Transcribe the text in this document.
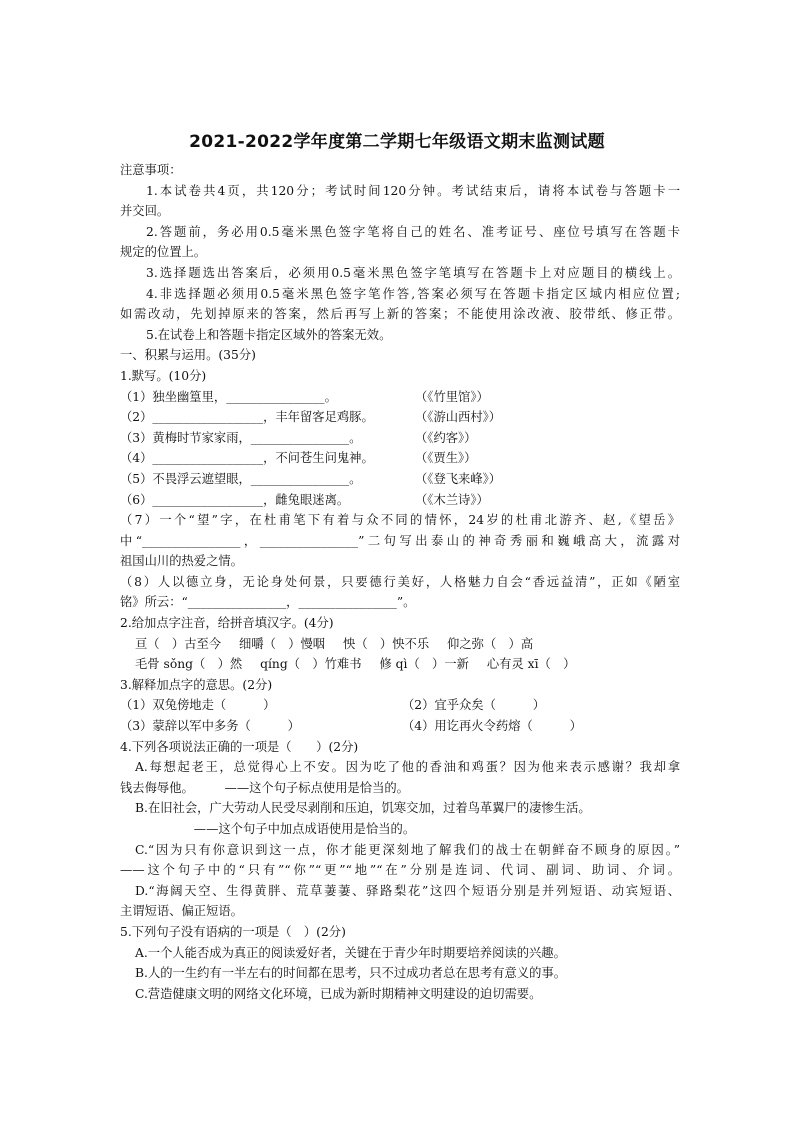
2021-2022学年度第二学期七年级语文期末监测试题
注意事项：
1.本试卷共4页，共120分；考试时间120分钟。考试结束后，请将本试卷与答题卡一
并交回。
2.答题前，务必用0.5毫米黑色签字笔将自己的姓名、准考证号、座位号填写在答题卡
规定的位置上。
3.选择题选出答案后，必须用0.5毫米黑色签字笔填写在答题卡上对应题目的横线上。
4.非选择题必须用0.5毫米黑色签字笔作答,答案必须写在答题卡指定区域内相应位置;
如需改动，先划掉原来的答案，然后再写上新的答案；不能使用涂改液、胶带纸、修正带。
5.在试卷上和答题卡指定区域外的答案无效。
一、积累与运用。(35分)
1.默写。(10分)
（1）独坐幽篁里，________________。	（《竹里馆》）
（2）__________________，丰年留客足鸡豚。	（《游山西村》）
（3）黄梅时节家家雨，________________。	（《约客》）
（4）__________________，不问苍生问鬼神。	（《贾生》）
（5）不畏浮云遮望眼，________________。	（《登飞来峰》）
（6）__________________，雌兔眼迷离。	（《木兰诗》）
（7）一个“望”字，在杜甫笔下有着与众不同的情怀，24岁的杜甫北游齐、赵,《望岳》
中“________________，________________”二句写出泰山的神奇秀丽和巍峨高大，流露对
祖国山川的热爱之情。
（8）人以德立身，无论身处何景，只要德行美好，人格魅力自会“香远益清”，正如《陋室
铭》所云：“________________，________________”。
2.给加点字注音，给拼音填汉字。(4分)
亘（　）古至今 细嚼（　）慢咽 怏（　）怏不乐 仰之弥（　）高
毛骨 sǒng（　）然 qíng（　）竹难书 修 qì（　）一新 心有灵 xī（　）
3.解释加点字的意思。(2分)
（1）双兔傍地走（　　　）	（2）宜乎众矣（　　　）
（3）蒙辞以军中多务（　　　）	（4）用讫再火令药熔（　　　）
4.下列各项说法正确的一项是（　　）(2分)
A.每想起老王，总觉得心上不安。因为吃了他的香油和鸡蛋？因为他来表示感谢？我却拿
钱去侮辱他。　　　——这个句子标点使用是恰当的。
B.在旧社会，广大劳动人民受尽剥削和压迫，饥寒交加，过着鸟革翼尸的凄惨生活。
　　　　　　——这个句子中加点成语使用是恰当的。
C.“因为只有你意识到这一点，你才能更深刻地了解我们的战士在朝鲜奋不顾身的原因。”
——这个句子中的“只有”“你”“更”“地”“在”分别是连词、代词、副词、助词、介词。
D.“海阔天空、生得黄胖、荒草萋萋、驿路梨花”这四个短语分别是并列短语、动宾短语、
主谓短语、偏正短语。
5.下列句子没有语病的一项是（　）(2分)
A.一个人能否成为真正的阅读爱好者，关键在于青少年时期要培养阅读的兴趣。
B.人的一生约有一半左右的时间都在思考，只不过成功者总在思考有意义的事。
C.营造健康文明的网络文化环境，已成为新时期精神文明建设的迫切需要。
